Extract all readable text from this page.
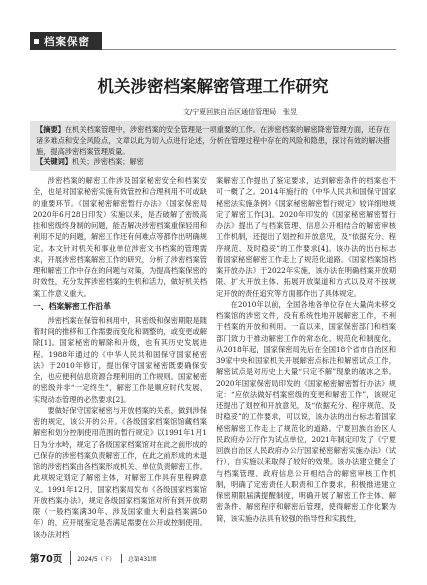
档案保密
机关涉密档案解密管理工作研究
文/宁夏回族自治区通信管理局　张昱
【摘要】在机关档案管理中，涉密档案的安全管理是一项重要的工作。在涉密档案的解密降密管理方面，还存在诸多难点和安全风险点，文章以此为切入点进行论述，分析在管理过程中存在的风险和隐患，探讨有效的解决措施，提高涉密档案管理质量。
【关键词】机关；涉密档案；解密

涉密档案的解密工作涉及国家秘密安全和档案安全，也是对国家秘密实施有效管控和合理利用不可或缺的重要环节。《国家秘密解密暂行办法》（国家保密局2020年6月28日印发）实施以来，是否破解了密级高挂和密级终身制的问题，能否解决涉密档案重保轻用和利用不足的问题，解密工作还有何难点等都作出明确规定。本文针对机关和事业单位涉密文书档案的管理需求，开展涉密档案解密工作的研究，分析了涉密档案管理和解密工作中存在的问题与对策，为提高档案保密的时效性，充分发挥涉密档案的生机和活力，做好机关档案工作意义重大。

一、档案解密工作沿革

涉密档案在保管和利用中，其密级和保密期限是随着时间的推移和工作需要而变化和调整的，或变更或解除[1]。国家秘密的解除和升级，也有其历史发展进程。1988年通过的《中华人民共和国保守国家秘密法》于2010年修订，提出保守国家秘密既要确保安全，也应便利信息资源合理利用的工作规则。国家秘密的密级并非“一定终生”，解密工作是顺应时代发展、实现动态管理的必然要求[2]。

要做好保守国家秘密与开放档案的关系，做到涉保密的规定，该公开的公开。《各级国家档案馆馆藏档案解密和划分控制使用范围的暂行规定》以1991年1月1日为分水岭，规定了各级国家档案馆对在此之前形成的已保存的涉密档案负责解密工作，在此之前形成的未退馆的涉密档案由各档案形成机关、单位负责解密工作。此项规定划定了解密主体，对解密工作具有里程碑意义。1991年12月，国家档案局发布《各级国家档案馆开放档案办法》，规定各级国家档案馆对所有到开放期限（一般档案满30年、涉及国家重大利益档案满50年）的，应开展鉴定是否满足需要在公开或控制使用。该办法对档

案解密工作提出了鉴定要求，达到解密条件的档案也不可一概了之。2014年施行的《中华人民共和国保守国家秘密法实施条例》《国家秘密解密暂行规定》较详细地规定了解密工作[3]。2020年印发的《国家秘密解密暂行办法》提出了与档案管理、信息公开相结合的解密审核工作机制，还提出了划控和开放意见，及“依据充分、程序规范、及时稳妥”的工作要求[4]。该办法的出台标志着国家秘密解密工作走上了规范化道路。《国家档案馆档案开放办法》于2022年实施，该办法在明确档案开放期限、扩大开放主体、拓展开放渠道和方式以及对不按规定开放的责任追究等方面都作出了具体规定。

在2010年以前，全国各地各单位存在大量尚未移交档案馆的涉密文件，没有系统性地开展解密工作，不利于档案的开放和利用。一直以来，国家保密部门和档案部门致力于推动解密工作的常态化、规范化和制度化，从2018年起，国家保密局先后在全国18个省市自治区和39家中央和国家机关开展解密点标注和解密试点工作，解密试点是对历史上大量“只定不解”现象的破冰之举。2020年国家保密局印发的《国家秘密解密暂行办法》规定：“应依法做好档案密级的变更和解密工作”，该规定还提出了划控和开放意见，及“依据充分、程序规范、及时稳妥”的工作要求，可以说，该办法的出台标志着国家秘密解密工作走上了规范化的道路。宁夏回族自治区人民政府办公厅作为试点单位，2021年制定印发了《宁夏回族自治区人民政府办公厅国家秘密解密实施办法》（试行），自实施以来取得了较好的效果。该办法建立健全了与档案管理、政府信息公开相结合的解密审核工作机制，明确了定密责任人职责和工作要求，积极推进建立保密期限届满提醒制度，明确开展了解密工作主体、解密条件、解密程序和解密后管理，使得解密工作化繁为简，该实施办法具有较强的指导性和实践性，

第70页	2024/5（下）	总第431期
